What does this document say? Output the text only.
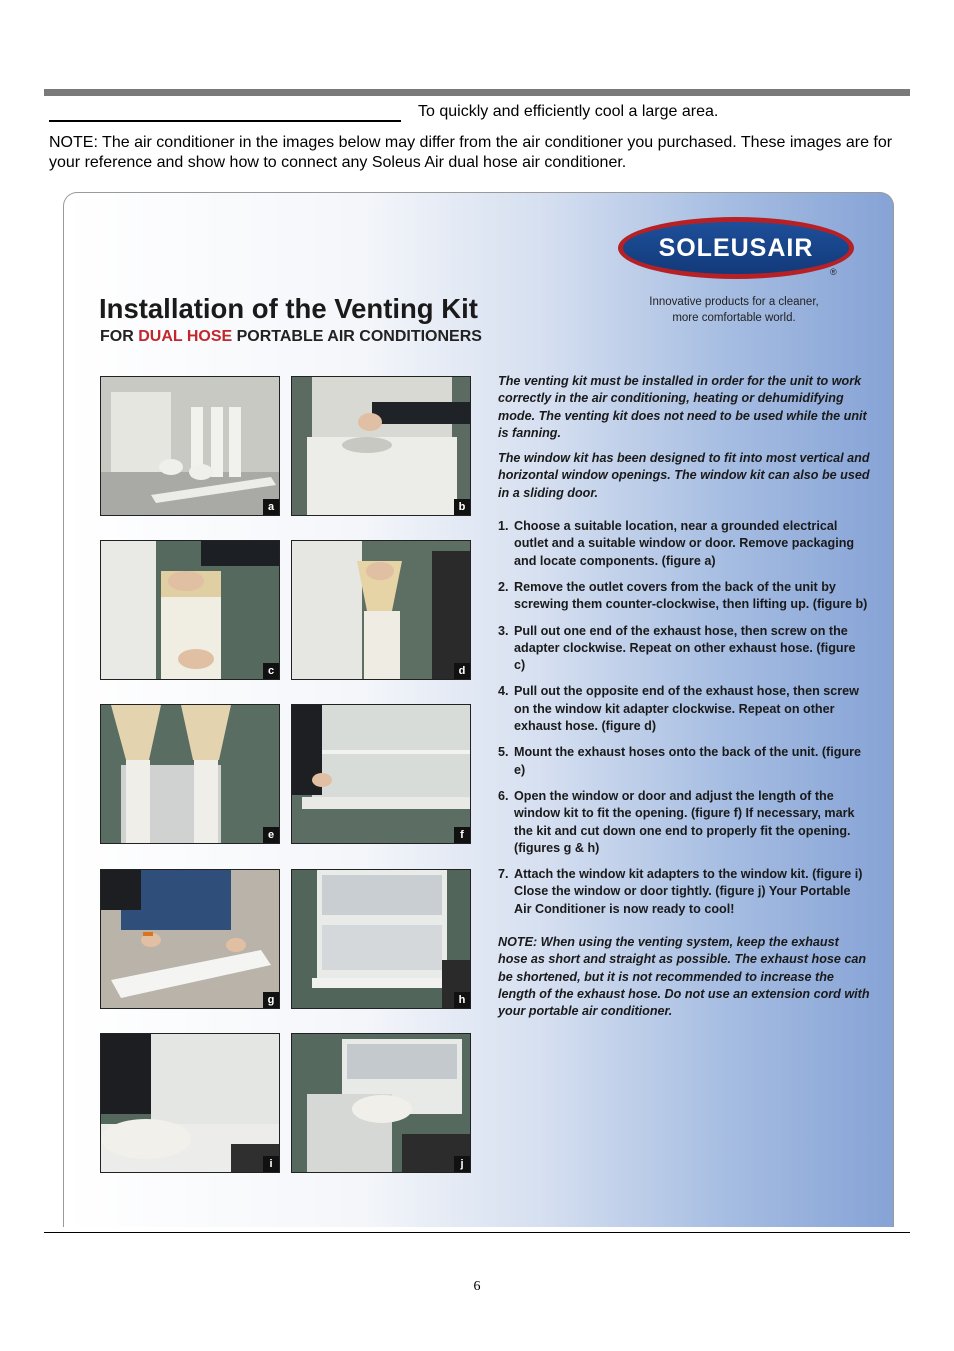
To quickly and efficiently cool a large area.
NOTE: The air conditioner in the images below may differ from the air conditioner you purchased. These images are for your reference and show how to connect any Soleus Air dual hose air conditioner.
SOLEUSAIR
®
Innovative products for a cleaner,
more comfortable world.
Installation of the Venting Kit
FOR DUAL HOSE PORTABLE AIR CONDITIONERS
a	b
c	d
e	f
g	h
i	j

The venting kit must be installed in order for the unit to work correctly in the air conditioning, heating or dehumidifying mode. The venting kit does not need to be used while the unit is fanning.

The window kit has been designed to fit into most vertical and horizontal window openings. The window kit can also be used in a sliding door.

1. Choose a suitable location, near a grounded electrical outlet and a suitable window or door. Remove packaging and locate components. (figure a)
2. Remove the outlet covers from the back of the unit by screwing them counter-clockwise, then lifting up. (figure b)
3. Pull out one end of the exhaust hose, then screw on the adapter clockwise. Repeat on other exhaust hose. (figure c)
4. Pull out the opposite end of the exhaust hose, then screw on the window kit adapter clockwise. Repeat on other exhaust hose. (figure d)
5. Mount the exhaust hoses onto the back of the unit. (figure e)
6. Open the window or door and adjust the length of the window kit to fit the opening. (figure f) If necessary, mark the kit and cut down one end to properly fit the opening. (figures g & h)
7. Attach the window kit adapters to the window kit. (figure i) Close the window or door tightly. (figure j) Your Portable Air Conditioner is now ready to cool!

NOTE: When using the venting system, keep the exhaust hose as short and straight as possible. The exhaust hose can be shortened, but it is not recommended to increase the length of the exhaust hose. Do not use an extension cord with your portable air conditioner.

6
